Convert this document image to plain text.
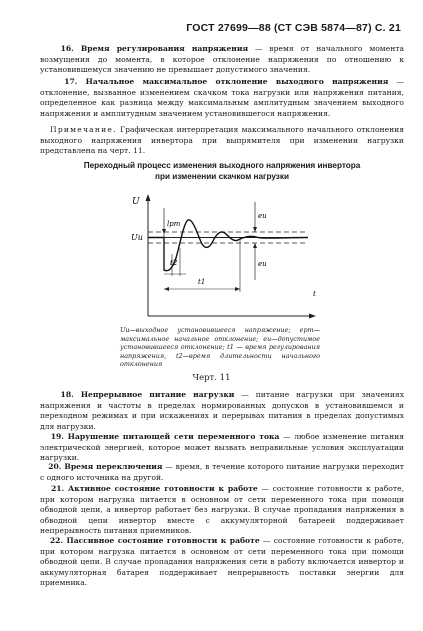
ГОСТ 27699—88 (СТ СЭВ 5874—87) С. 21
16. Время регулирования напряжения — время от начального момента возмущения до момента, в которое отклонение напряжения по отношению к установившемуся значению не превышает допустимого значения.
17. Начальное максимальное отклонение выходного напряжения — отклонение, вызванное изменением скачком тока нагрузки или напряжения питания, определенное как разница между максимальным амплитудным значением выходного напряжения и амплитудным значением установившегося напряжения.
Примечание. Графическая интерпретация максимального начального отклонения выходного напряжения инвертора при выпрямителя при изменении нагрузки представлена на черт. 11.
Переходный процесс изменения выходного напряжения инвертора
при изменении скачком нагрузки
U
t
Uu
lpm
eu
eu
t2
t1
Uu—выходное установившееся напряжение; epm— максимальное начальное отклонение; eu—допустимое установившееся отклонение; t1 — время регулирования напряжения, t2—время длительности начального отклонения
Черт. 11
18. Непрерывное питание нагрузки — питание нагрузки при значениях напряжения и частоты в пределах нормированных допусков в установившемся и переходном режимах и при искажениях и перерывах питания в пределах допустимых для нагрузки.
19. Нарушение питающей сети переменного тока — любое изменение питания электрической энергией, которое может вызвать неправильные условия эксплуатации нагрузки.
20. Время переключения — время, в течение которого питание нагрузки переходит с одного источника на другой.
21. Активное состояние готовности к работе — состояние готовности к работе, при котором нагрузка питается в основном от сети переменного тока при помощи обводной цепи, а инвертор работает без нагрузки. В случае пропадания напряжения в обводной цепи инвертор вместе с аккумуляторной батареей поддерживает непрерывность питания приемников.
22. Пассивное состояние готовности к работе — состояние готовности к работе, при котором нагрузка питается в основном от сети переменного тока при помощи обводной цепи. В случае пропадания напряжения сети в работу включается инвертор и аккумуляторная батарея поддерживает непрерывность поставки энергии для приемника.
